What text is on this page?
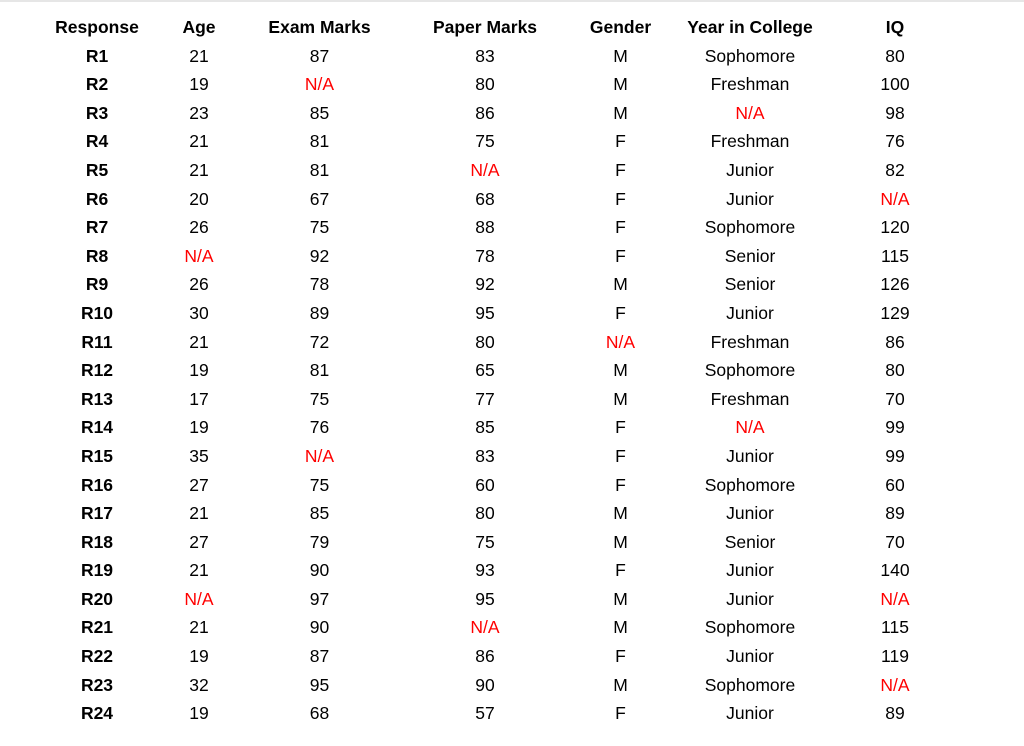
Response	Age	Exam Marks	Paper Marks	Gender	Year in College	IQ
R1	21	87	83	M	Sophomore	80
R2	19	N/A	80	M	Freshman	100
R3	23	85	86	M	N/A	98
R4	21	81	75	F	Freshman	76
R5	21	81	N/A	F	Junior	82
R6	20	67	68	F	Junior	N/A
R7	26	75	88	F	Sophomore	120
R8	N/A	92	78	F	Senior	115
R9	26	78	92	M	Senior	126
R10	30	89	95	F	Junior	129
R11	21	72	80	N/A	Freshman	86
R12	19	81	65	M	Sophomore	80
R13	17	75	77	M	Freshman	70
R14	19	76	85	F	N/A	99
R15	35	N/A	83	F	Junior	99
R16	27	75	60	F	Sophomore	60
R17	21	85	80	M	Junior	89
R18	27	79	75	M	Senior	70
R19	21	90	93	F	Junior	140
R20	N/A	97	95	M	Junior	N/A
R21	21	90	N/A	M	Sophomore	115
R22	19	87	86	F	Junior	119
R23	32	95	90	M	Sophomore	N/A
R24	19	68	57	F	Junior	89
